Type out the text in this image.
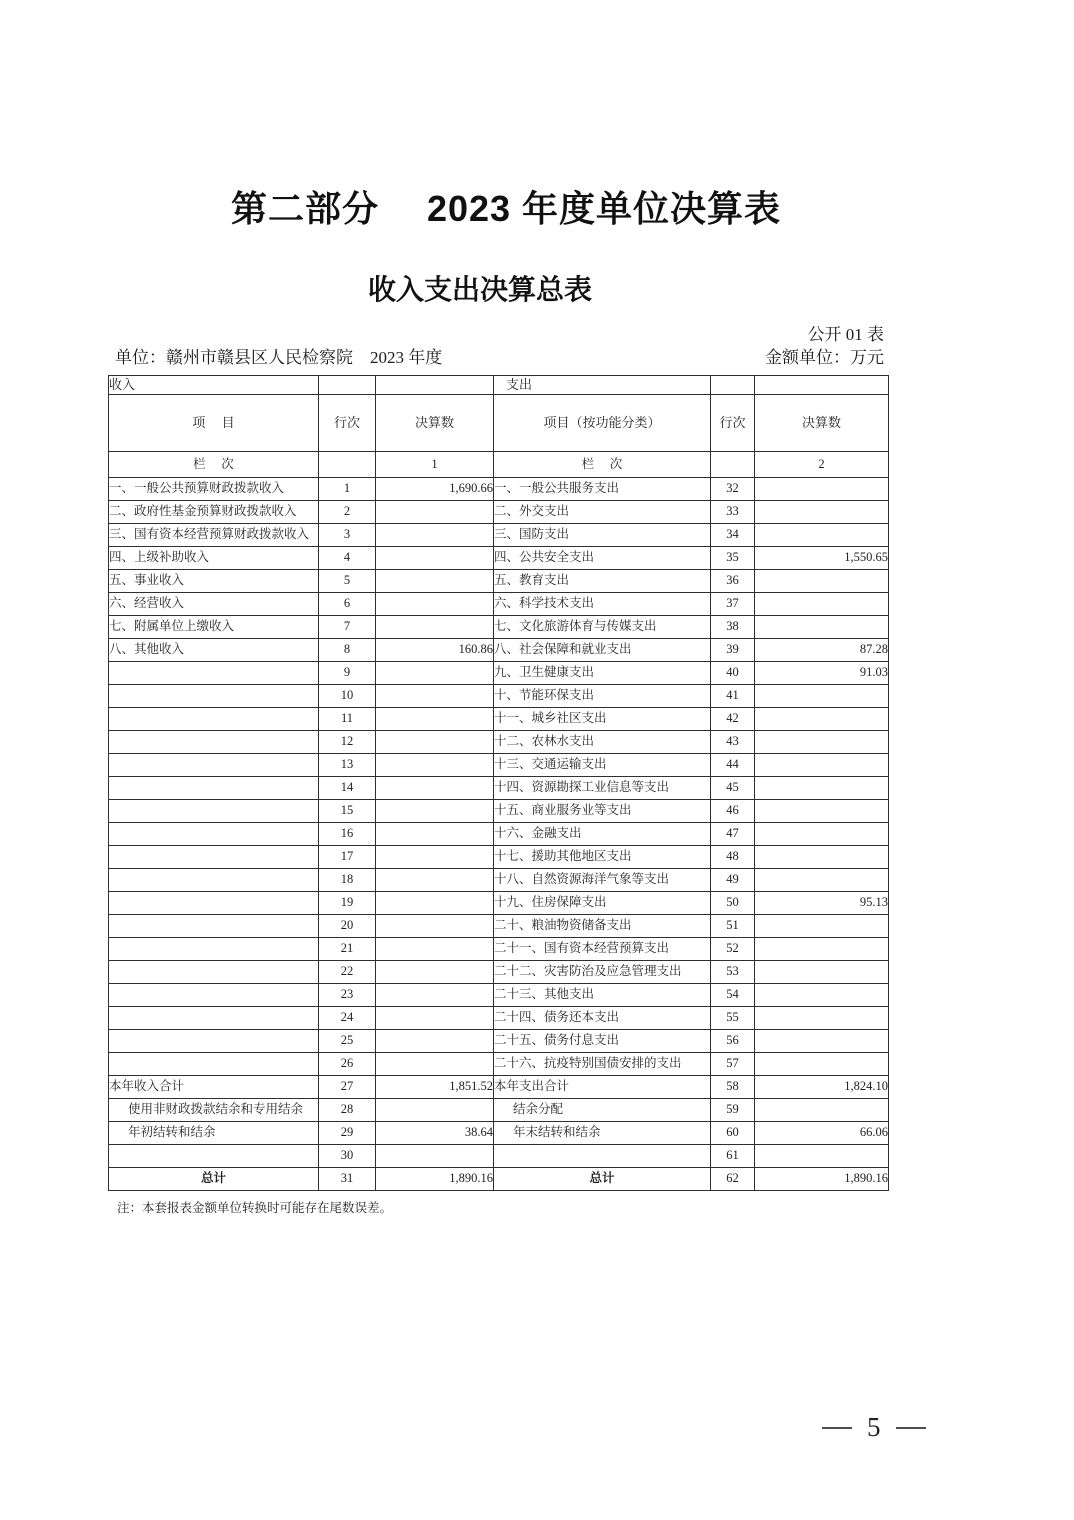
第二部分　 2023 年度单位决算表
收入支出决算总表
公开 01 表
单位：赣州市赣县区人民检察院　2023 年度	金额单位：万元
收入			支出		
项　 目	行次	决算数	项目（按功能分类）	行次	决算数
栏　 次		1	栏　 次		2
一、一般公共预算财政拨款收入	1	1,690.66	一、一般公共服务支出	32	
二、政府性基金预算财政拨款收入	2		二、外交支出	33	
三、国有资本经营预算财政拨款收入	3		三、国防支出	34	
四、上级补助收入	4		四、公共安全支出	35	1,550.65
五、事业收入	5		五、教育支出	36	
六、经营收入	6		六、科学技术支出	37	
七、附属单位上缴收入	7		七、文化旅游体育与传媒支出	38	
八、其他收入	8	160.86	八、社会保障和就业支出	39	87.28
	9		九、卫生健康支出	40	91.03
	10		十、节能环保支出	41	
	11		十一、城乡社区支出	42	
	12		十二、农林水支出	43	
	13		十三、交通运输支出	44	
	14		十四、资源勘探工业信息等支出	45	
	15		十五、商业服务业等支出	46	
	16		十六、金融支出	47	
	17		十七、援助其他地区支出	48	
	18		十八、自然资源海洋气象等支出	49	
	19		十九、住房保障支出	50	95.13
	20		二十、粮油物资储备支出	51	
	21		二十一、国有资本经营预算支出	52	
	22		二十二、灾害防治及应急管理支出	53	
	23		二十三、其他支出	54	
	24		二十四、债务还本支出	55	
	25		二十五、债务付息支出	56	
	26		二十六、抗疫特别国债安排的支出	57	
本年收入合计	27	1,851.52	本年支出合计	58	1,824.10
使用非财政拨款结余和专用结余	28		结余分配	59	
年初结转和结余	29	38.64	年末结转和结余	60	66.06
	30			61	
总计	31	1,890.16	总计	62	1,890.16
注：本套报表金额单位转换时可能存在尾数误差。
5
